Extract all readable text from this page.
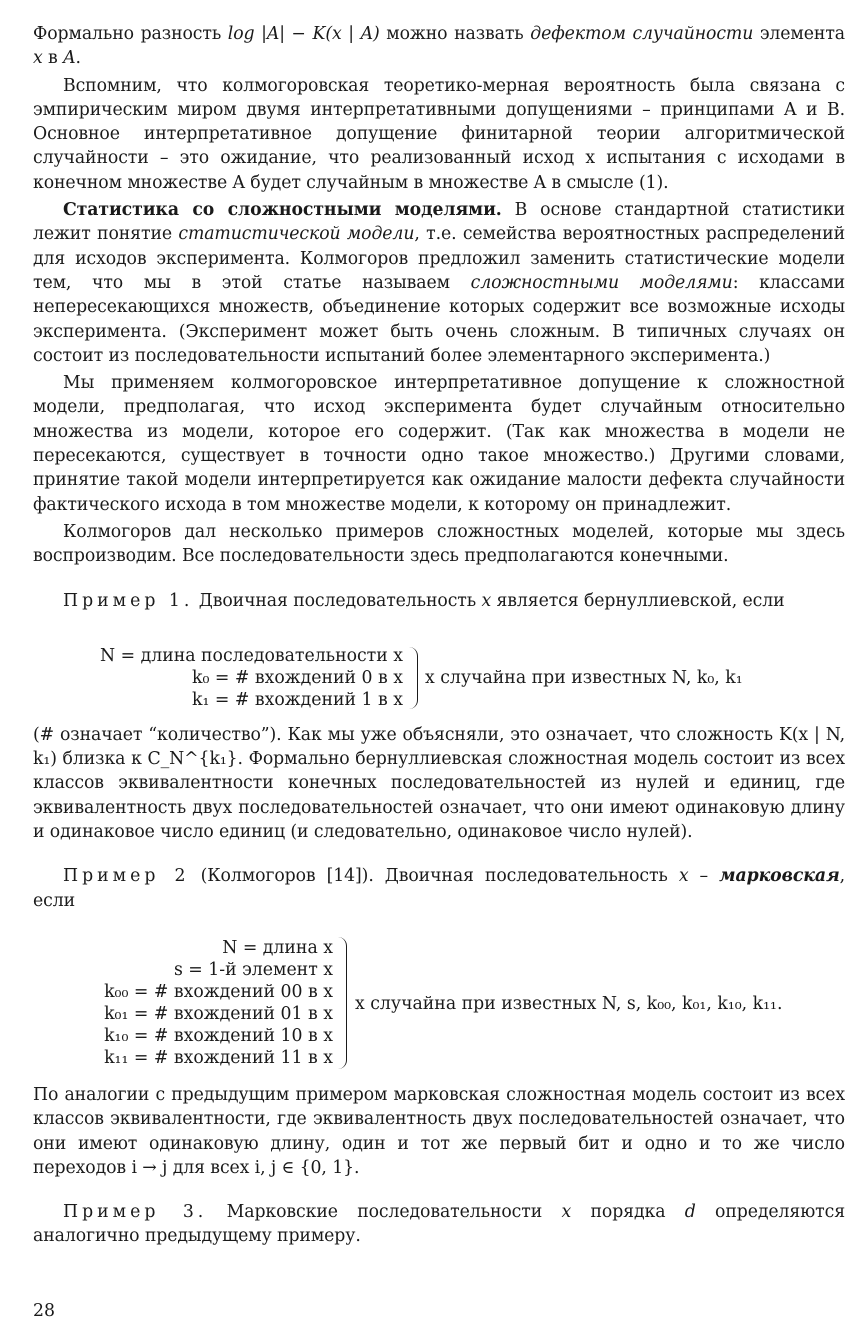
Формально разность log |A| − K(x | A) можно назвать дефектом случайности элемента x в A.

Вспомним, что колмогоровская теоретико-мерная вероятность была связана с эмпирическим миром двумя интерпретативными допущениями – принципами A и B. Основное интерпретативное допущение финитарной теории алгоритмической случайности – это ожидание, что реализованный исход x испытания с исходами в конечном множестве A будет случайным в множестве A в смысле (1).

Статистика со сложностными моделями. В основе стандартной статистики лежит понятие статистической модели, т.е. семейства вероятностных распределений для исходов эксперимента. Колмогоров предложил заменить статистические модели тем, что мы в этой статье называем сложностными моделями: классами непересекающихся множеств, объединение которых содержит все возможные исходы эксперимента. (Эксперимент может быть очень сложным. В типичных случаях он состоит из последовательности испытаний более элементарного эксперимента.)

Мы применяем колмогоровское интерпретативное допущение к сложностной модели, предполагая, что исход эксперимента будет случайным относительно множества из модели, которое его содержит. (Так как множества в модели не пересекаются, существует в точности одно такое множество.) Другими словами, принятие такой модели интерпретируется как ожидание малости дефекта случайности фактического исхода в том множестве модели, к которому он принадлежит.

Колмогоров дал несколько примеров сложностных моделей, которые мы здесь воспроизводим. Все последовательности здесь предполагаются конечными.

Пример 1. Двоичная последовательность x является бернуллиевской, если

N = длина последовательности x
k₀ = # вхождений 0 в x
k₁ = # вхождений 1 в x
x случайна при известных N, k₀, k₁

(# означает “количество”). Как мы уже объясняли, это означает, что сложность K(x | N, k₁) близка к C_N^{k₁}. Формально бернуллиевская сложностная модель состоит из всех классов эквивалентности конечных последовательностей из нулей и единиц, где эквивалентность двух последовательностей означает, что они имеют одинаковую длину и одинаковое число единиц (и следовательно, одинаковое число нулей).

Пример 2 (Колмогоров [14]). Двоичная последовательность x – марковская, если

N = длина x
s = 1-й элемент x
k₀₀ = # вхождений 00 в x
k₀₁ = # вхождений 01 в x
k₁₀ = # вхождений 10 в x
k₁₁ = # вхождений 11 в x
x случайна при известных N, s, k₀₀, k₀₁, k₁₀, k₁₁.

По аналогии с предыдущим примером марковская сложностная модель состоит из всех классов эквивалентности, где эквивалентность двух последовательностей означает, что они имеют одинаковую длину, один и тот же первый бит и одно и то же число переходов i → j для всех i, j ∈ {0, 1}.

Пример 3. Марковские последовательности x порядка d определяются аналогично предыдущему примеру.

28
